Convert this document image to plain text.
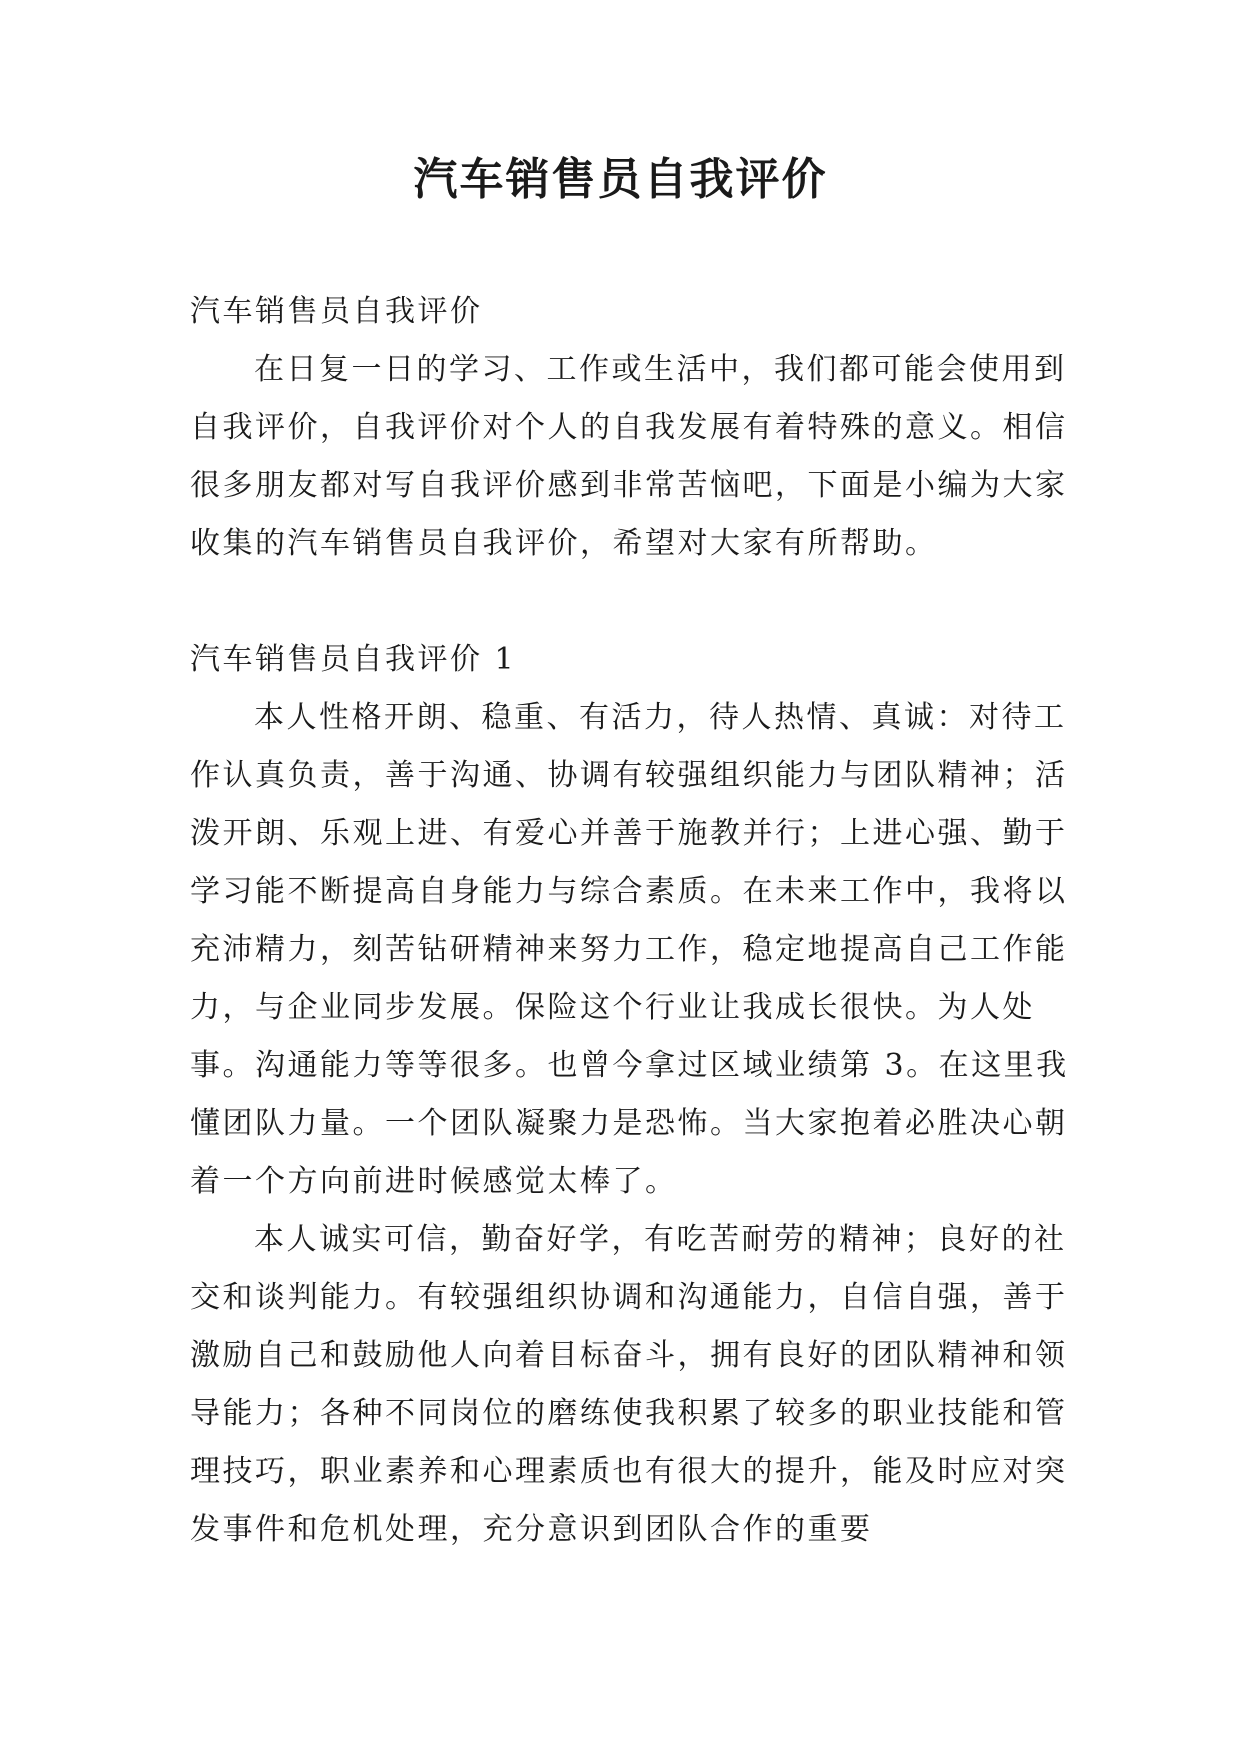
汽车销售员自我评价

汽车销售员自我评价

在日复一日的学习、工作或生活中，我们都可能会使用到自我评价，自我评价对个人的自我发展有着特殊的意义。相信很多朋友都对写自我评价感到非常苦恼吧，下面是小编为大家收集的汽车销售员自我评价，希望对大家有所帮助。

汽车销售员自我评价 1

本人性格开朗、稳重、有活力，待人热情、真诚：对待工作认真负责，善于沟通、协调有较强组织能力与团队精神；活泼开朗、乐观上进、有爱心并善于施教并行；上进心强、勤于学习能不断提高自身能力与综合素质。在未来工作中，我将以充沛精力，刻苦钻研精神来努力工作，稳定地提高自己工作能力，与企业同步发展。保险这个行业让我成长很快。为人处事。沟通能力等等很多。也曾今拿过区域业绩第 3。在这里我懂团队力量。一个团队凝聚力是恐怖。当大家抱着必胜决心朝着一个方向前进时候感觉太棒了。

本人诚实可信，勤奋好学，有吃苦耐劳的精神；良好的社交和谈判能力。有较强组织协调和沟通能力，自信自强，善于激励自己和鼓励他人向着目标奋斗，拥有良好的团队精神和领导能力；各种不同岗位的磨练使我积累了较多的职业技能和管理技巧，职业素养和心理素质也有很大的提升，能及时应对突发事件和危机处理，充分意识到团队合作的重要
